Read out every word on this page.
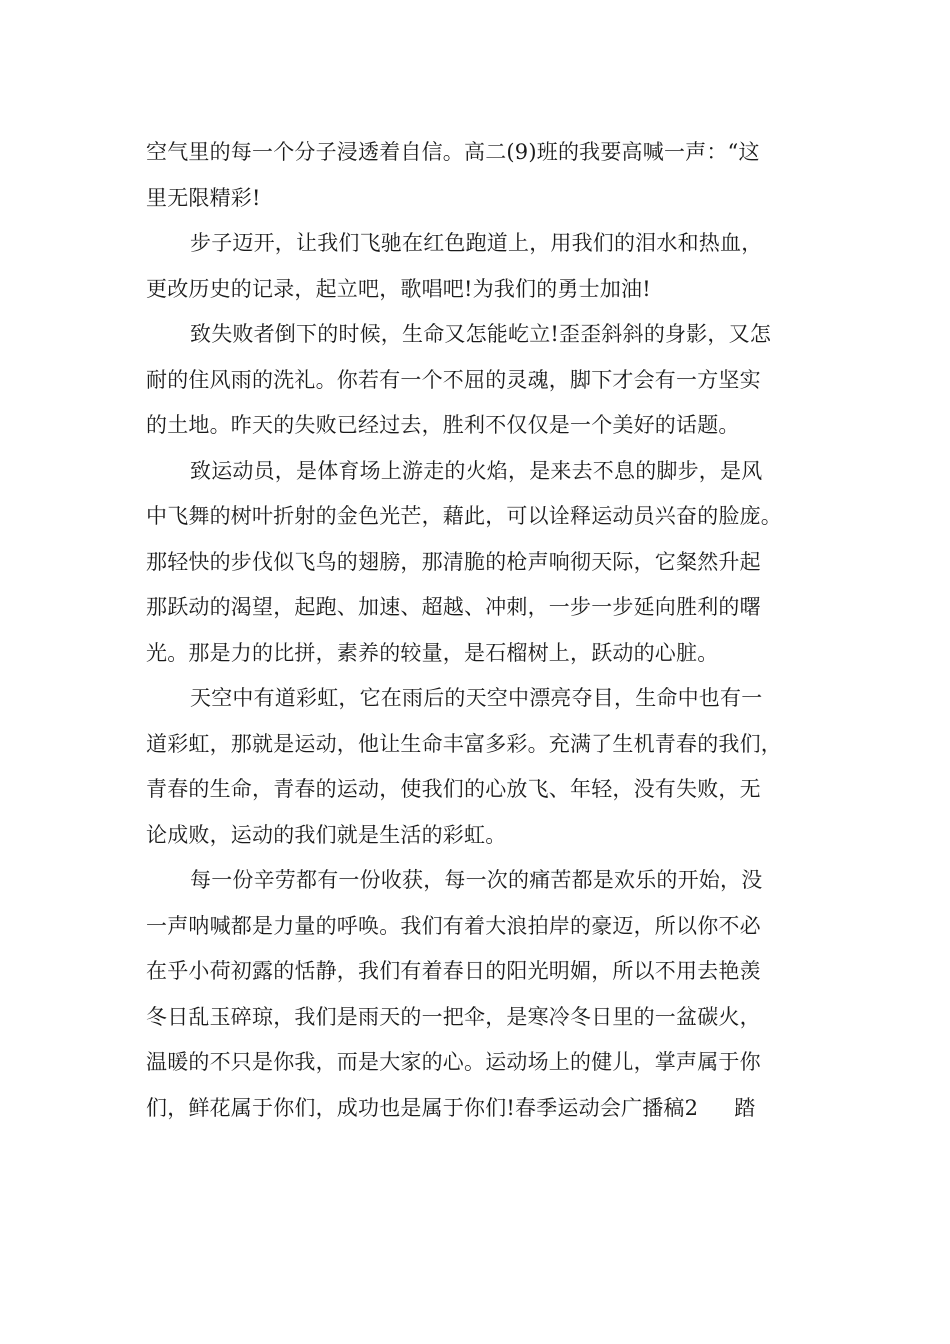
空气里的每一个分子浸透着自信。高二(9)班的我要高喊一声：“这
里无限精彩!
步子迈开，让我们飞驰在红色跑道上，用我们的泪水和热血，
更改历史的记录，起立吧，歌唱吧!为我们的勇士加油!
致失败者倒下的时候，生命又怎能屹立!歪歪斜斜的身影，又怎
耐的住风雨的洗礼。你若有一个不屈的灵魂，脚下才会有一方坚实
的土地。昨天的失败已经过去，胜利不仅仅是一个美好的话题。
致运动员，是体育场上游走的火焰，是来去不息的脚步，是风
中飞舞的树叶折射的金色光芒，藉此，可以诠释运动员兴奋的脸庞。
那轻快的步伐似飞鸟的翅膀，那清脆的枪声响彻天际，它粲然升起
那跃动的渴望，起跑、加速、超越、冲刺，一步一步延向胜利的曙
光。那是力的比拼，素养的较量，是石榴树上，跃动的心脏。
天空中有道彩虹，它在雨后的天空中漂亮夺目，生命中也有一
道彩虹，那就是运动，他让生命丰富多彩。充满了生机青春的我们，
青春的生命，青春的运动，使我们的心放飞、年轻，没有失败，无
论成败，运动的我们就是生活的彩虹。
每一份辛劳都有一份收获，每一次的痛苦都是欢乐的开始，没
一声呐喊都是力量的呼唤。我们有着大浪拍岸的豪迈，所以你不必
在乎小荷初露的恬静，我们有着春日的阳光明媚，所以不用去艳羡
冬日乱玉碎琼，我们是雨天的一把伞，是寒冷冬日里的一盆碳火，
温暖的不只是你我，而是大家的心。运动场上的健儿，掌声属于你
们，鲜花属于你们，成功也是属于你们!春季运动会广播稿2 踏
